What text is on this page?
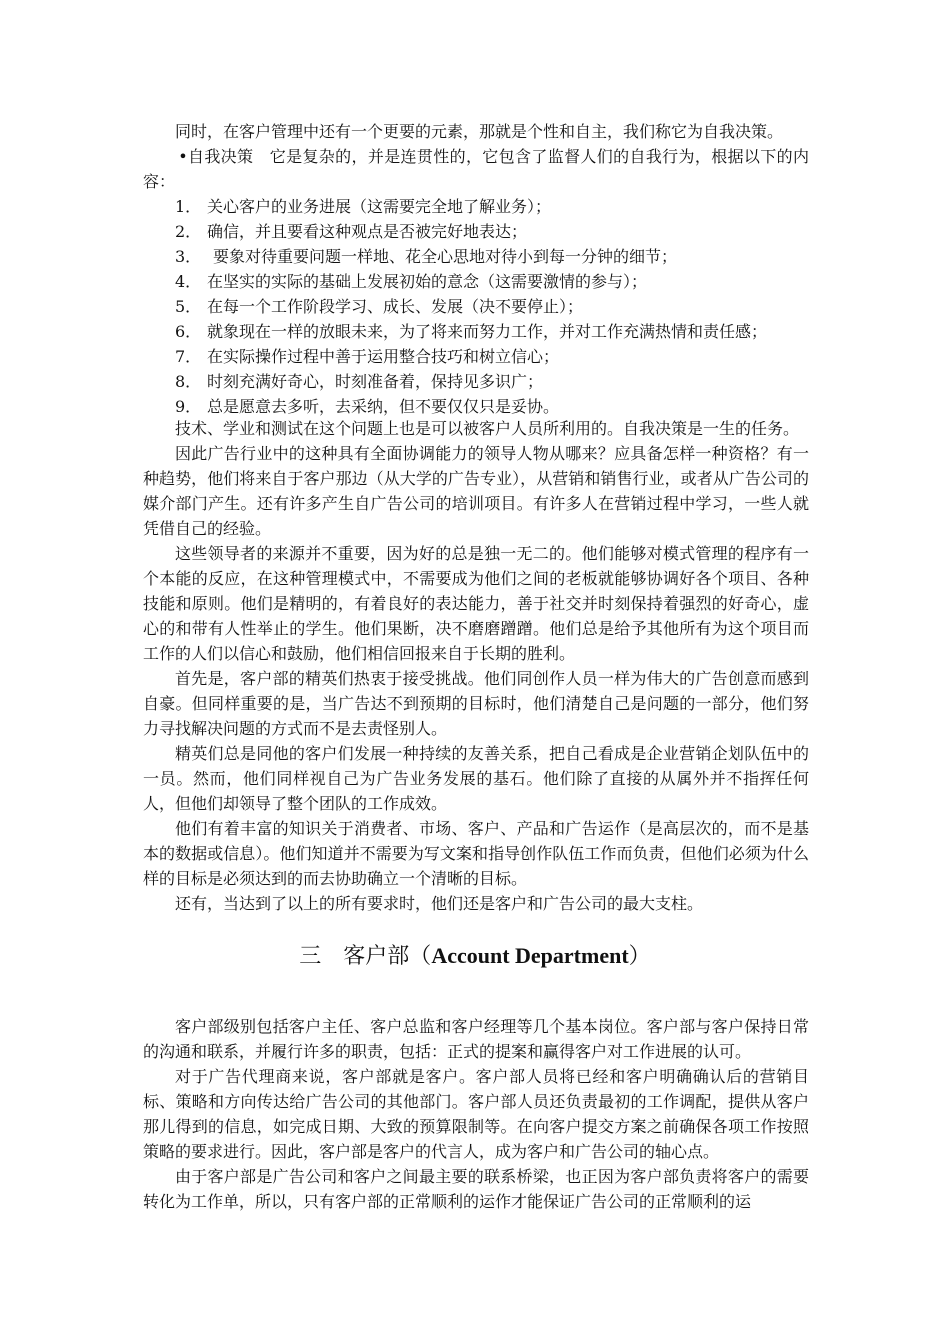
同时，在客户管理中还有一个更要的元素，那就是个性和自主，我们称它为自我决策。

•自我决策　它是复杂的，并是连贯性的，它包含了监督人们的自我行为，根据以下的内容：

1． 关心客户的业务进展（这需要完全地了解业务）；
2． 确信，并且要看这种观点是否被完好地表达；
3． 要象对待重要问题一样地、花全心思地对待小到每一分钟的细节；
4． 在坚实的实际的基础上发展初始的意念（这需要激情的参与）；
5． 在每一个工作阶段学习、成长、发展（决不要停止）；
6． 就象现在一样的放眼未来，为了将来而努力工作，并对工作充满热情和责任感；
7． 在实际操作过程中善于运用整合技巧和树立信心；
8． 时刻充满好奇心，时刻准备着，保持见多识广；
9． 总是愿意去多听，去采纳，但不要仅仅只是妥协。

技术、学业和测试在这个问题上也是可以被客户人员所利用的。自我决策是一生的任务。

因此广告行业中的这种具有全面协调能力的领导人物从哪来？应具备怎样一种资格？有一种趋势，他们将来自于客户那边（从大学的广告专业），从营销和销售行业，或者从广告公司的媒介部门产生。还有许多产生自广告公司的培训项目。有许多人在营销过程中学习，一些人就凭借自己的经验。

这些领导者的来源并不重要，因为好的总是独一无二的。他们能够对模式管理的程序有一个本能的反应，在这种管理模式中，不需要成为他们之间的老板就能够协调好各个项目、各种技能和原则。他们是精明的，有着良好的表达能力，善于社交并时刻保持着强烈的好奇心，虚心的和带有人性举止的学生。他们果断，决不磨磨蹭蹭。他们总是给予其他所有为这个项目而工作的人们以信心和鼓励，他们相信回报来自于长期的胜利。

首先是，客户部的精英们热衷于接受挑战。他们同创作人员一样为伟大的广告创意而感到自豪。但同样重要的是，当广告达不到预期的目标时，他们清楚自己是问题的一部分，他们努力寻找解决问题的方式而不是去责怪别人。

精英们总是同他的客户们发展一种持续的友善关系，把自己看成是企业营销企划队伍中的一员。然而，他们同样视自己为广告业务发展的基石。他们除了直接的从属外并不指挥任何人，但他们却领导了整个团队的工作成效。

他们有着丰富的知识关于消费者、市场、客户、产品和广告运作（是高层次的，而不是基本的数据或信息）。他们知道并不需要为写文案和指导创作队伍工作而负责，但他们必须为什么样的目标是必须达到的而去协助确立一个清晰的目标。

还有，当达到了以上的所有要求时，他们还是客户和广告公司的最大支柱。

三　客户部（Account Department）

客户部级别包括客户主任、客户总监和客户经理等几个基本岗位。客户部与客户保持日常的沟通和联系，并履行许多的职责，包括：正式的提案和赢得客户对工作进展的认可。

对于广告代理商来说，客户部就是客户。客户部人员将已经和客户明确确认后的营销目标、策略和方向传达给广告公司的其他部门。客户部人员还负责最初的工作调配，提供从客户那儿得到的信息，如完成日期、大致的预算限制等。在向客户提交方案之前确保各项工作按照策略的要求进行。因此，客户部是客户的代言人，成为客户和广告公司的轴心点。

由于客户部是广告公司和客户之间最主要的联系桥梁，也正因为客户部负责将客户的需要转化为工作单，所以，只有客户部的正常顺利的运作才能保证广告公司的正常顺利的运
